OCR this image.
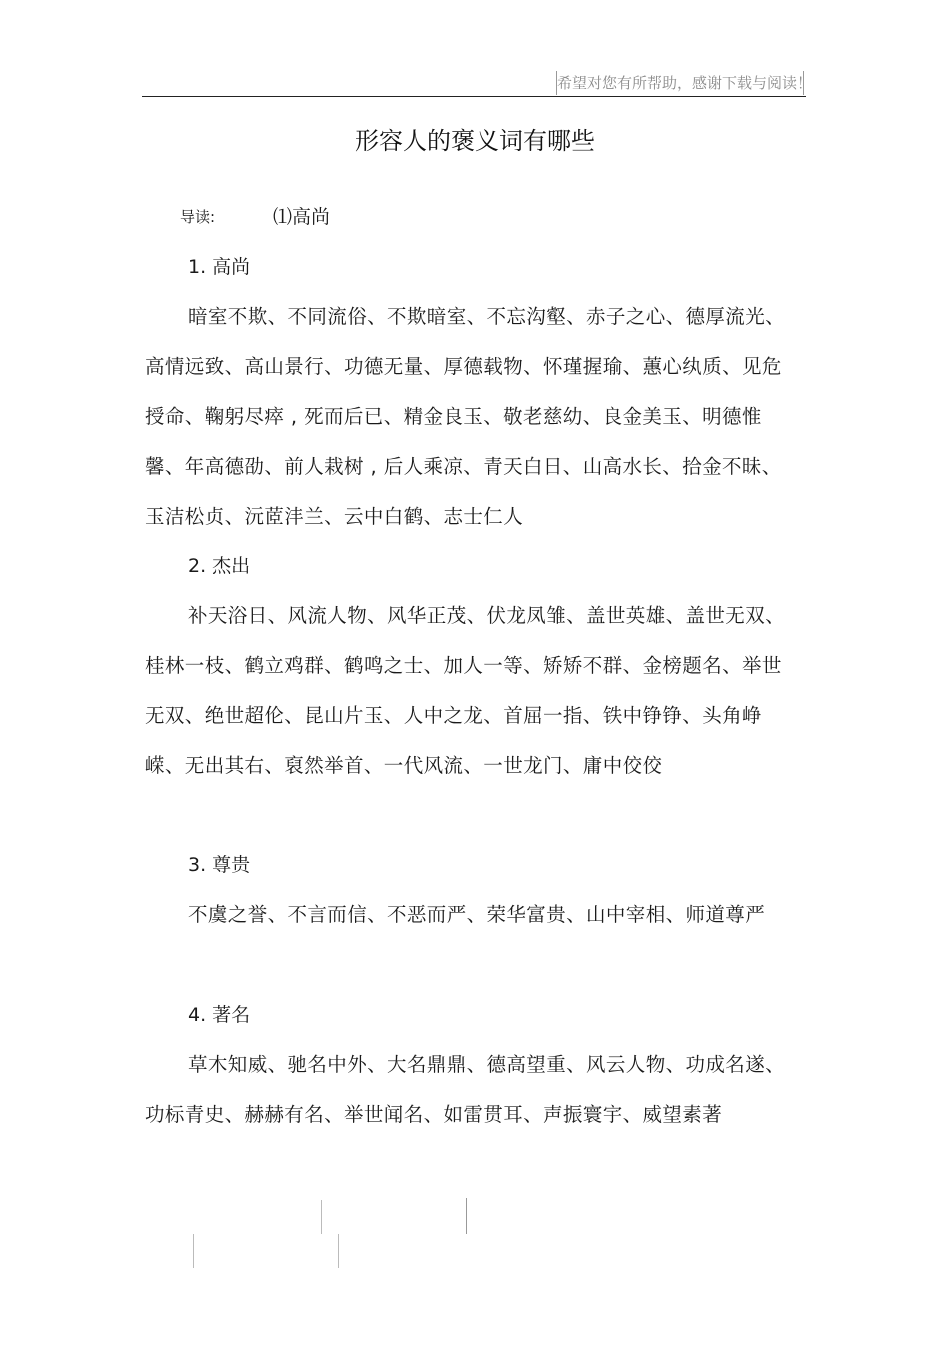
希望对您有所帮助，感谢下载与阅读！
形容人的褒义词有哪些
导读:	⑴高尚
1. 高尚
暗室不欺、不同流俗、不欺暗室、不忘沟壑、赤子之心、德厚流光、高情远致、高山景行、功德无量、厚德载物、怀瑾握瑜、蕙心纨质、见危授命、鞠躬尽瘁 , 死而后已、精金良玉、敬老慈幼、良金美玉、明德惟馨、年高德劭、前人栽树 , 后人乘凉、青天白日、山高水长、拾金不昧、玉洁松贞、沅茝沣兰、云中白鹤、志士仁人
2. 杰出
补天浴日、风流人物、风华正茂、伏龙凤雏、盖世英雄、盖世无双、桂林一枝、鹤立鸡群、鹤鸣之士、加人一等、矫矫不群、金榜题名、举世无双、绝世超伦、昆山片玉、人中之龙、首屈一指、铁中铮铮、头角峥嵘、无出其右、裒然举首、一代风流、一世龙门、庸中佼佼
3. 尊贵
不虞之誉、不言而信、不恶而严、荣华富贵、山中宰相、师道尊严
4. 著名
草木知威、驰名中外、大名鼎鼎、德高望重、风云人物、功成名遂、功标青史、赫赫有名、举世闻名、如雷贯耳、声振寰宇、威望素著
